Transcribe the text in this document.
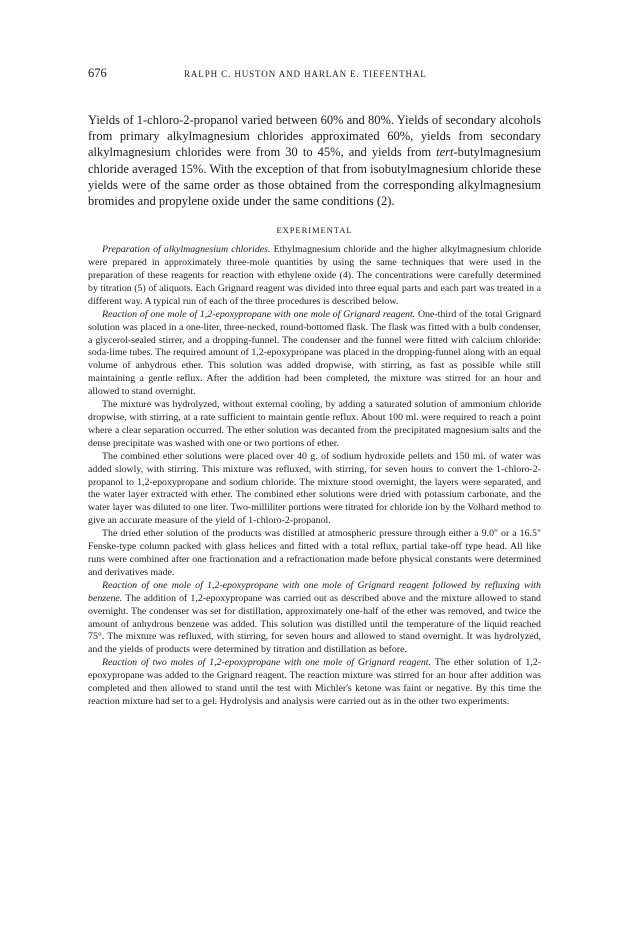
676	RALPH C. HUSTON AND HARLAN E. TIEFENTHAL

Yields of 1-chloro-2-propanol varied between 60% and 80%. Yields of secondary alcohols from primary alkylmagnesium chlorides approximated 60%, yields from secondary alkylmagnesium chlorides were from 30 to 45%, and yields from tert-butylmagnesium chloride averaged 15%. With the exception of that from isobutylmagnesium chloride these yields were of the same order as those obtained from the corresponding alkylmagnesium bromides and propylene oxide under the same conditions (2).

EXPERIMENTAL

Preparation of alkylmagnesium chlorides. Ethylmagnesium chloride and the higher alkylmagnesium chloride were prepared in approximately three-mole quantities by using the same techniques that were used in the preparation of these reagents for reaction with ethylene oxide (4). The concentrations were carefully determined by titration (5) of aliquots. Each Grignard reagent was divided into three equal parts and each part was treated in a different way. A typical run of each of the three procedures is described below.

Reaction of one mole of 1,2-epoxypropane with one mole of Grignard reagent. One-third of the total Grignard solution was placed in a one-liter, three-necked, round-bottomed flask. The flask was fitted with a bulb condenser, a glycerol-sealed stirrer, and a dropping-funnel. The condenser and the funnel were fitted with calcium chloride: soda-lime tubes. The required amount of 1,2-epoxypropane was placed in the dropping-funnel along with an equal volume of anhydrous ether. This solution was added dropwise, with stirring, as fast as possible while still maintaining a gentle reflux. After the addition had been completed, the mixture was stirred for an hour and allowed to stand overnight.

The mixture was hydrolyzed, without external cooling, by adding a saturated solution of ammonium chloride dropwise, with stirring, at a rate sufficient to maintain gentle reflux. About 100 ml. were required to reach a point where a clear separation occurred. The ether solution was decanted from the precipitated magnesium salts and the dense precipitate was washed with one or two portions of ether.

The combined ether solutions were placed over 40 g. of sodium hydroxide pellets and 150 ml. of water was added slowly, with stirring. This mixture was refluxed, with stirring, for seven hours to convert the 1-chloro-2-propanol to 1,2-epoxypropane and sodium chloride. The mixture stood overnight, the layers were separated, and the water layer extracted with ether. The combined ether solutions were dried with potassium carbonate, and the water layer was diluted to one liter. Two-milliliter portions were titrated for chloride ion by the Volhard method to give an accurate measure of the yield of 1-chloro-2-propanol.

The dried ether solution of the products was distilled at atmospheric pressure through either a 9.0" or a 16.5" Fenske-type column packed with glass helices and fitted with a total reflux, partial take-off type head. All like runs were combined after one fractionation and a refractionation made before physical constants were determined and derivatives made.

Reaction of one mole of 1,2-epoxypropane with one mole of Grignard reagent followed by refluxing with benzene. The addition of 1,2-epoxypropane was carried out as described above and the mixture allowed to stand overnight. The condenser was set for distillation, approximately one-half of the ether was removed, and twice the amount of anhydrous benzene was added. This solution was distilled until the temperature of the liquid reached 75°. The mixture was refluxed, with stirring, for seven hours and allowed to stand overnight. It was hydrolyzed, and the yields of products were determined by titration and distillation as before.

Reaction of two moles of 1,2-epoxypropane with one mole of Grignard reagent. The ether solution of 1,2-epoxypropane was added to the Grignard reagent. The reaction mixture was stirred for an hour after addition was completed and then allowed to stand until the test with Michler's ketone was faint or negative. By this time the reaction mixture had set to a gel. Hydrolysis and analysis were carried out as in the other two experiments.
